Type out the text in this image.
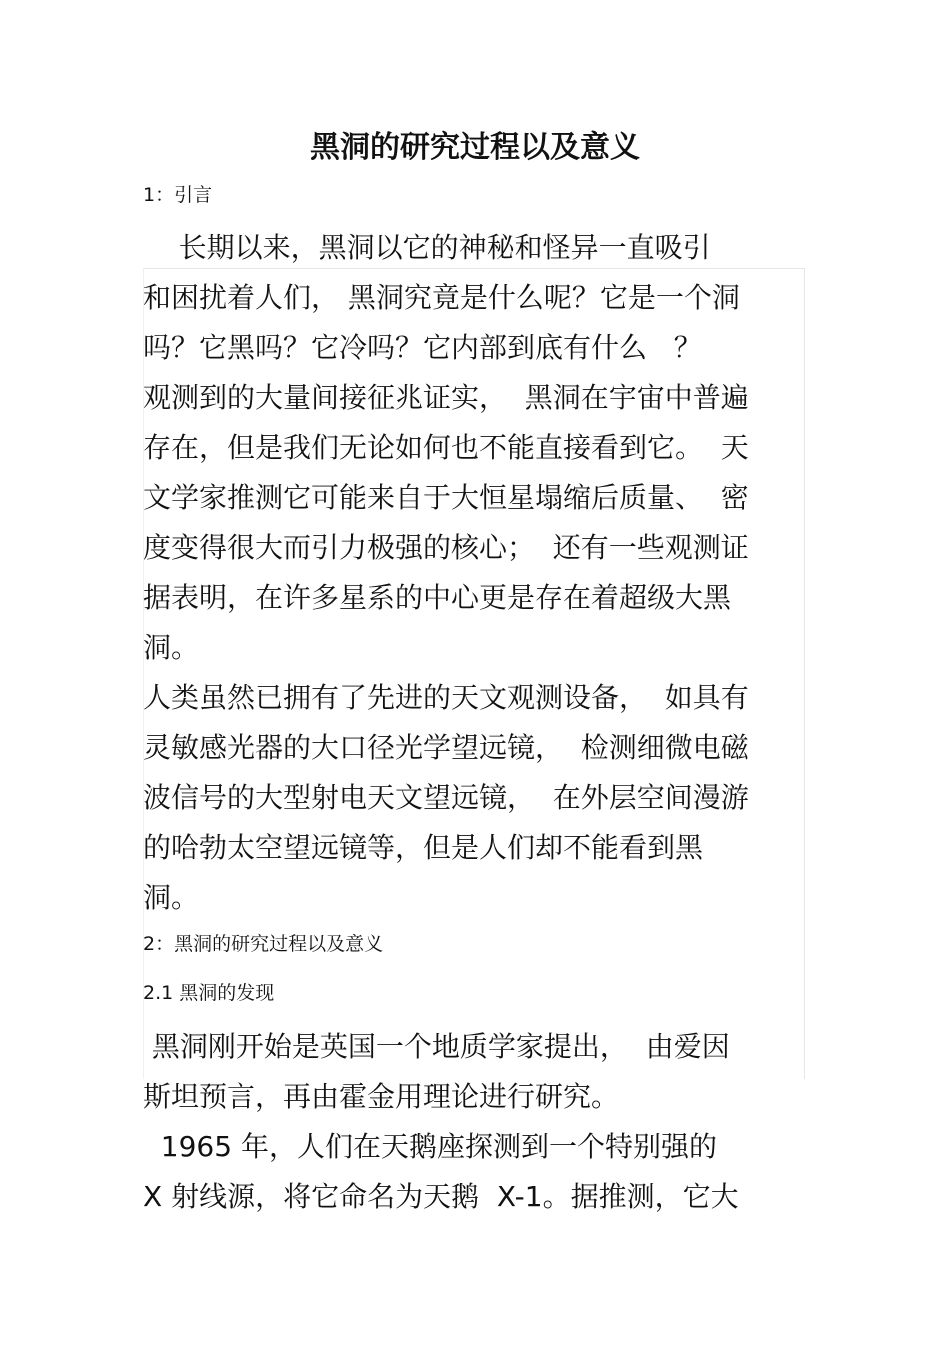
黑洞的研究过程以及意义

1：引言

长期以来，黑洞以它的神秘和怪异一直吸引

和困扰着人们， 黑洞究竟是什么呢？它是一个洞

吗？它黑吗？它冷吗？它内部到底有什么   ？

观测到的大量间接征兆证实，  黑洞在宇宙中普遍

存在，但是我们无论如何也不能直接看到它。  天

文学家推测它可能来自于大恒星塌缩后质量、  密

度变得很大而引力极强的核心；  还有一些观测证

据表明，在许多星系的中心更是存在着超级大黑

洞。

人类虽然已拥有了先进的天文观测设备，  如具有

灵敏感光器的大口径光学望远镜，  检测细微电磁

波信号的大型射电天文望远镜，  在外层空间漫游

的哈勃太空望远镜等，但是人们却不能看到黑

洞。

2：黑洞的研究过程以及意义

2.1 黑洞的发现

黑洞刚开始是英国一个地质学家提出，  由爱因

斯坦预言，再由霍金用理论进行研究。

1965 年，人们在天鹅座探测到一个特别强的

X 射线源，将它命名为天鹅  X-1。据推测，它大
